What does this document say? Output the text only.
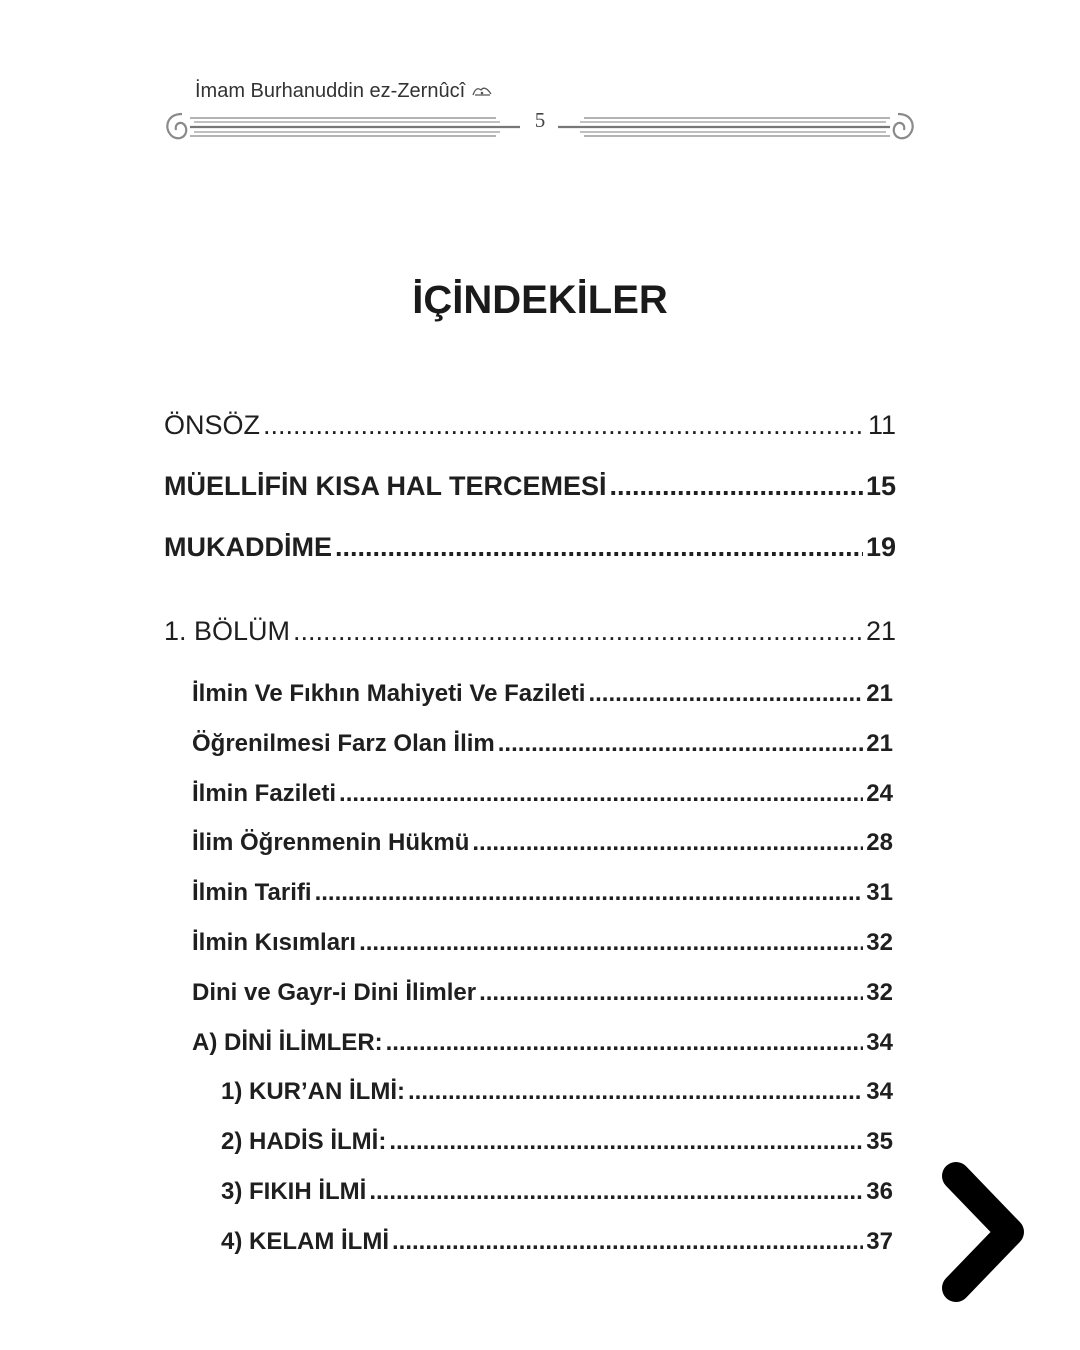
İmam Burhanuddin ez-Zernûcî
5
İÇİNDEKİLER
ÖNSÖZ .....	11
MÜELLİFİN KISA HAL TERCEMESİ .....	15
MUKADDİME .....	19
1. BÖLÜM .....	21
İlmin Ve Fıkhın Mahiyeti Ve Fazileti .....	21
Öğrenilmesi Farz Olan İlim .....	21
İlmin Fazileti .....	24
İlim Öğrenmenin Hükmü .....	28
İlmin Tarifi .....	31
İlmin Kısımları .....	32
Dini ve Gayr-i Dini İlimler .....	32
A) DİNİ İLİMLER: .....	34
1) KUR’AN İLMİ: .....	34
2) HADİS İLMİ: .....	35
3) FIKIH İLMİ .....	36
4) KELAM İLMİ .....	37
